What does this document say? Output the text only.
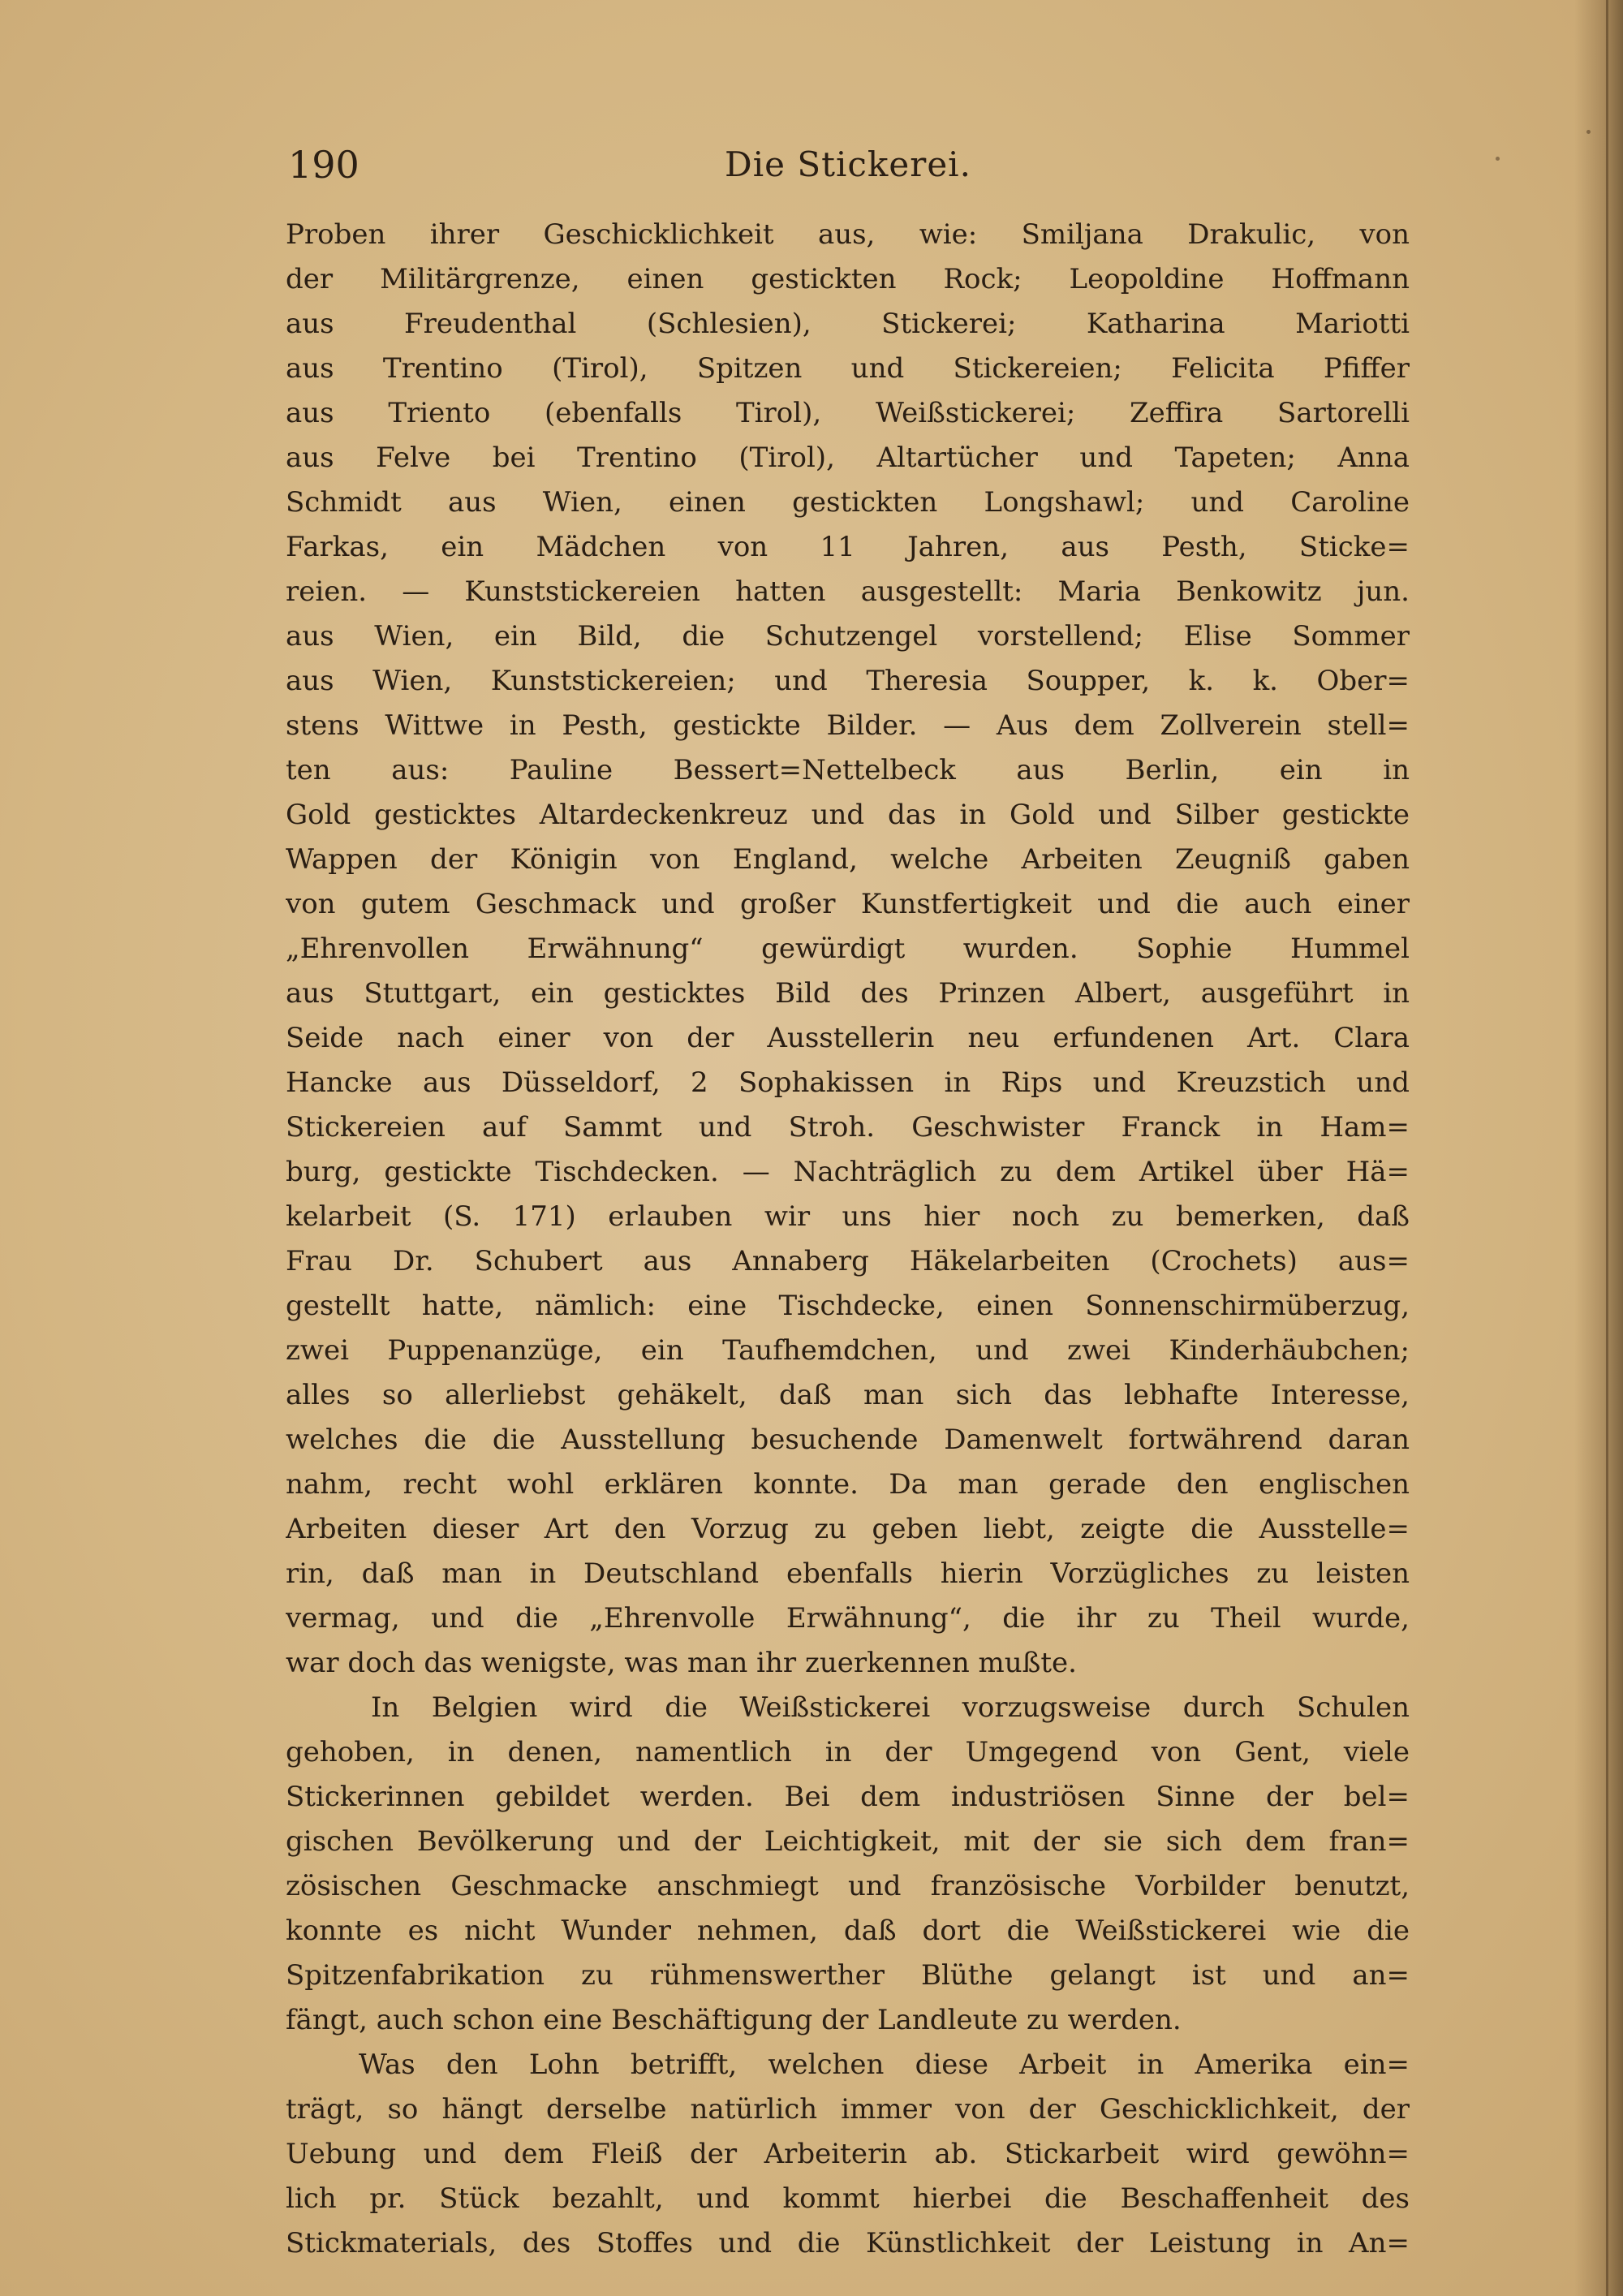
190	Die Stickerei.
Proben ihrer Geschicklichkeit aus, wie: Smiljana Drakulic, von
der Militärgrenze, einen gestickten Rock; Leopoldine Hoffmann
aus Freudenthal (Schlesien), Stickerei; Katharina Mariotti
aus Trentino (Tirol), Spitzen und Stickereien; Felicita Pfiffer
aus Triento (ebenfalls Tirol), Weißstickerei; Zeffira Sartorelli
aus Felve bei Trentino (Tirol), Altartücher und Tapeten; Anna
Schmidt aus Wien, einen gestickten Longshawl; und Caroline
Farkas, ein Mädchen von 11 Jahren, aus Pesth, Sticke=
reien. — Kunststickereien hatten ausgestellt: Maria Benkowitz jun.
aus Wien, ein Bild, die Schutzengel vorstellend; Elise Sommer
aus Wien, Kunststickereien; und Theresia Soupper, k. k. Ober=
stens Wittwe in Pesth, gestickte Bilder. — Aus dem Zollverein stell=
ten aus: Pauline Bessert=Nettelbeck aus Berlin, ein in
Gold gesticktes Altardeckenkreuz und das in Gold und Silber gestickte
Wappen der Königin von England, welche Arbeiten Zeugniß gaben
von gutem Geschmack und großer Kunstfertigkeit und die auch einer
„Ehrenvollen Erwähnung“ gewürdigt wurden. Sophie Hummel
aus Stuttgart, ein gesticktes Bild des Prinzen Albert, ausgeführt in
Seide nach einer von der Ausstellerin neu erfundenen Art. Clara
Hancke aus Düsseldorf, 2 Sophakissen in Rips und Kreuzstich und
Stickereien auf Sammt und Stroh. Geschwister Franck in Ham=
burg, gestickte Tischdecken. — Nachträglich zu dem Artikel über Hä=
kelarbeit (S. 171) erlauben wir uns hier noch zu bemerken, daß
Frau Dr. Schubert aus Annaberg Häkelarbeiten (Crochets) aus=
gestellt hatte, nämlich: eine Tischdecke, einen Sonnenschirmüberzug,
zwei Puppenanzüge, ein Taufhemdchen, und zwei Kinderhäubchen;
alles so allerliebst gehäkelt, daß man sich das lebhafte Interesse,
welches die die Ausstellung besuchende Damenwelt fortwährend daran
nahm, recht wohl erklären konnte. Da man gerade den englischen
Arbeiten dieser Art den Vorzug zu geben liebt, zeigte die Ausstelle=
rin, daß man in Deutschland ebenfalls hierin Vorzügliches zu leisten
vermag, und die „Ehrenvolle Erwähnung“, die ihr zu Theil wurde,
war doch das wenigste, was man ihr zuerkennen mußte.
In Belgien wird die Weißstickerei vorzugsweise durch Schulen
gehoben, in denen, namentlich in der Umgegend von Gent, viele
Stickerinnen gebildet werden. Bei dem industriösen Sinne der bel=
gischen Bevölkerung und der Leichtigkeit, mit der sie sich dem fran=
zösischen Geschmacke anschmiegt und französische Vorbilder benutzt,
konnte es nicht Wunder nehmen, daß dort die Weißstickerei wie die
Spitzenfabrikation zu rühmenswerther Blüthe gelangt ist und an=
fängt, auch schon eine Beschäftigung der Landleute zu werden.
Was den Lohn betrifft, welchen diese Arbeit in Amerika ein=
trägt, so hängt derselbe natürlich immer von der Geschicklichkeit, der
Uebung und dem Fleiß der Arbeiterin ab. Stickarbeit wird gewöhn=
lich pr. Stück bezahlt, und kommt hierbei die Beschaffenheit des
Stickmaterials, des Stoffes und die Künstlichkeit der Leistung in An=
